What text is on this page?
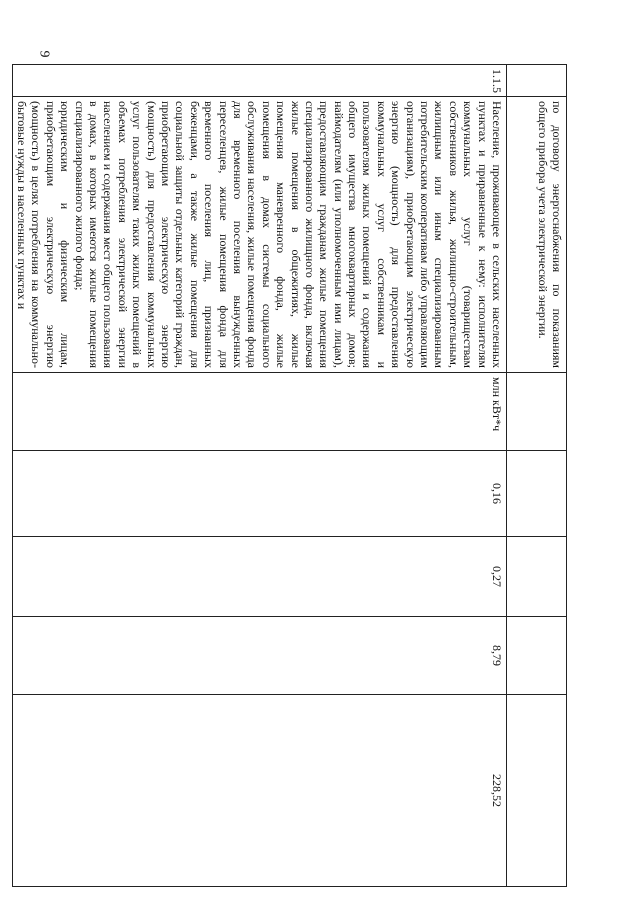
9
	по договору энергоснабжения по показаниям общего прибора учета электрической энергии.					
1.1.5	Население, проживающее в сельских населенных пунктах и приравненные к нему: исполнителям коммунальных услуг (товариществам собственников жилья, жилищно-строительным, жилищным или иным специализированным потребительским кооперативам либо управляющим организациям), приобретающим электрическую энергию (мощность) для предоставления коммунальных услуг собственникам и пользователям жилых помещений и содержания общего имущества многоквартирных домов; наймодателям (или уполномоченным ими лицам), предоставляющим гражданам жилые помещения специализированного жилищного фонда, включая жилые помещения в общежитиях, жилые помещения маневренного фонда, жилые помещения в домах системы социального обслуживания населения, жилые помещения фонда для временного поселения вынужденных переселенцев, жилые помещения фонда для временного поселения лиц, признанных беженцами, а также жилые помещения для социальной защиты отдельных категорий граждан, приобретающим электрическую энергию (мощность) для предоставления коммунальных услуг пользователям таких жилых помещений в объемах потребления электрической энергии населением и содержания мест общего пользования в домах, в которых имеются жилые помещения специализированного жилого фонда;

юридическим и физическим лицам, приобретающим электрическую энергию (мощность) в целях потребления на коммунально-бытовые нужды в населенных пунктах и	млн кВт*ч	0,16	0,27	8,79	228,52
